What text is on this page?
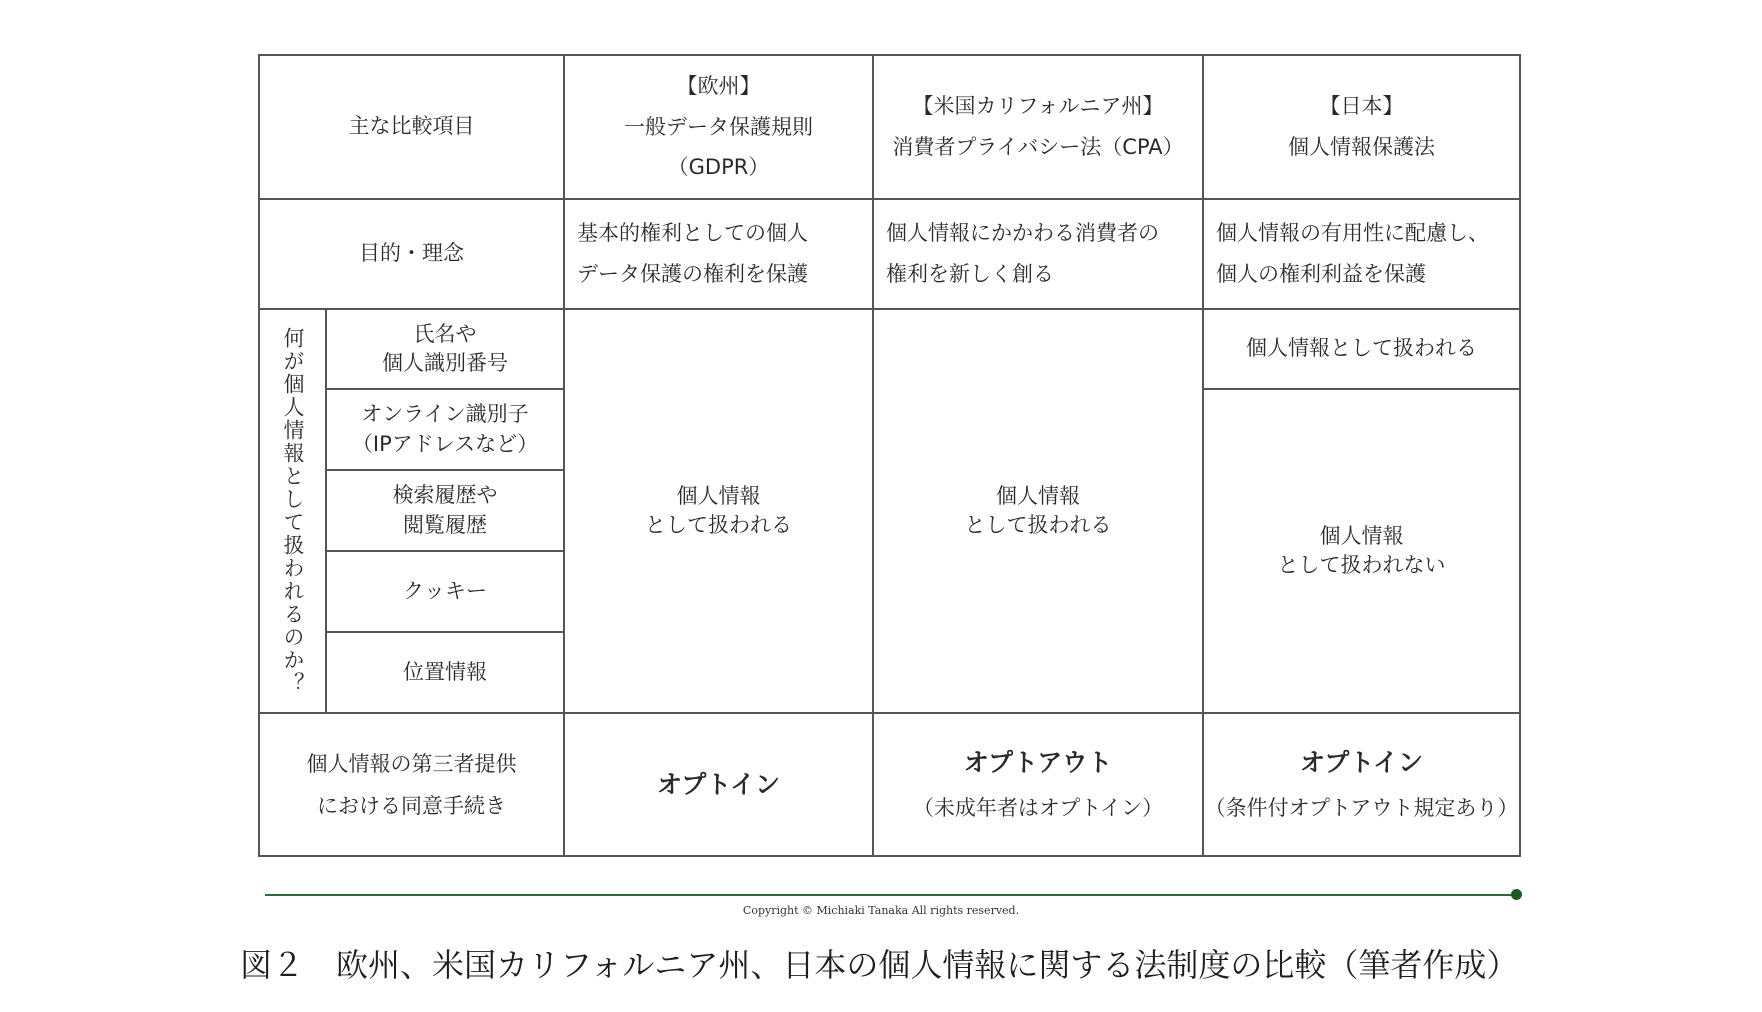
主な比較項目
【欧州】
一般データ保護規則
（GDPR）
【米国カリフォルニア州】
消費者プライバシー法（CPA）
【日本】
個人情報保護法
目的・理念
基本的権利としての個人
データ保護の権利を保護
個人情報にかかわる消費者の
権利を新しく創る
個人情報の有用性に配慮し、
個人の権利利益を保護
何が個人情報として扱われるのか？	氏名や
個人識別番号
オンライン識別子
（IPアドレスなど）
検索履歴や
閲覧履歴
クッキー
位置情報
個人情報
として扱われる
個人情報
として扱われる
個人情報として扱われる
個人情報
として扱われない
個人情報の第三者提供
における同意手続き
オプトイン
オプトアウト
（未成年者はオプトイン）
オプトイン
（条件付オプトアウト規定あり）
Copyright © Michiaki Tanaka All rights reserved.
図２　欧州、米国カリフォルニア州、日本の個人情報に関する法制度の比較（筆者作成）
